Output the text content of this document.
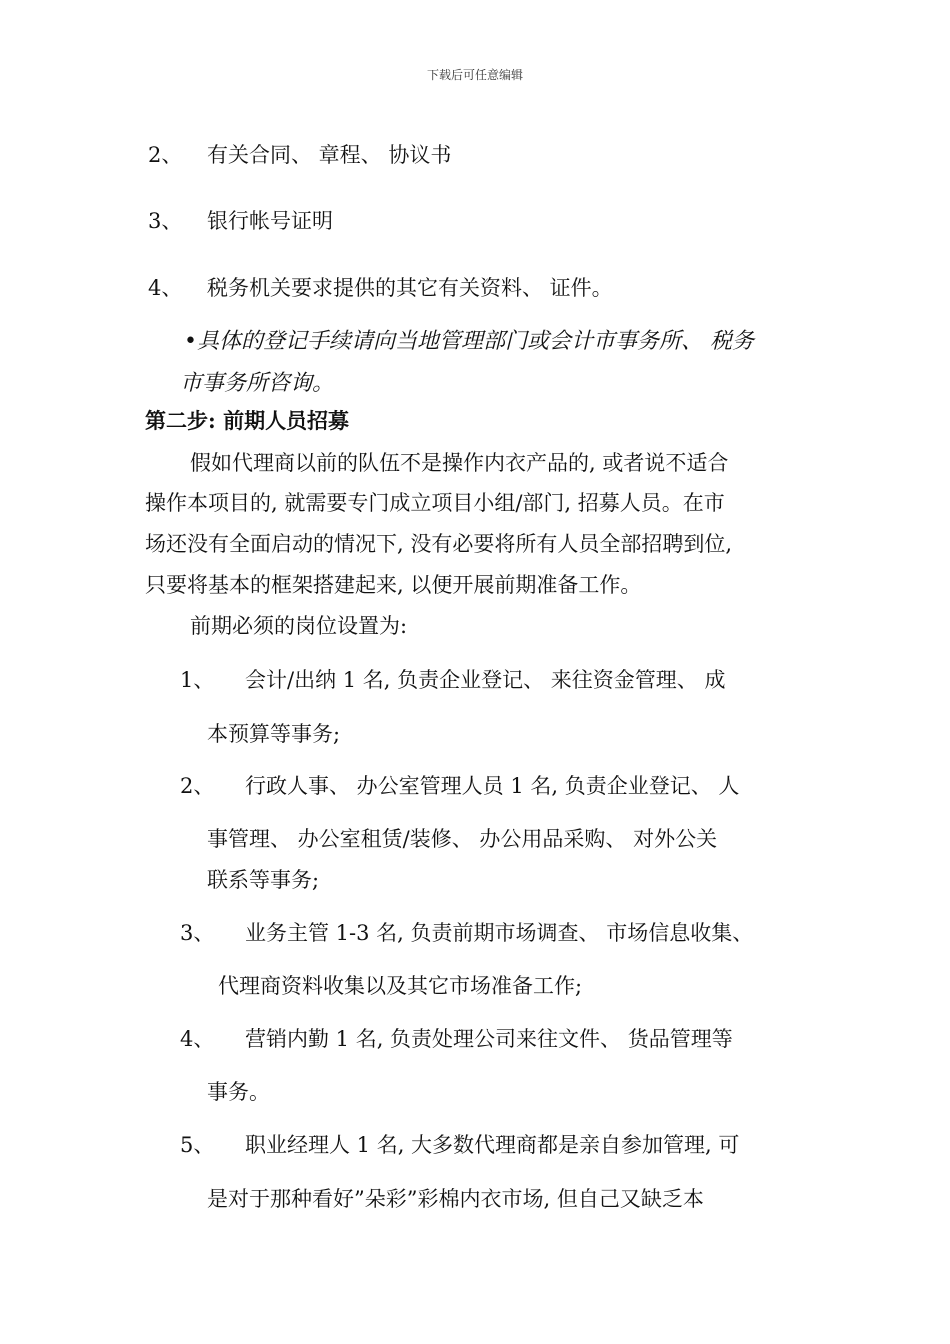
下载后可任意编辑
2、 有关合同、 章程、 协议书
3、 银行帐号证明
4、 税务机关要求提供的其它有关资料、 证件。
•具体的登记手续请向当地管理部门或会计市事务所、 税务
市事务所咨询。
第二步: 前期人员招募
假如代理商以前的队伍不是操作内衣产品的, 或者说不适合
操作本项目的, 就需要专门成立项目小组/部门, 招募人员。在市
场还没有全面启动的情况下, 没有必要将所有人员全部招聘到位,
只要将基本的框架搭建起来, 以便开展前期准备工作。
前期必须的岗位设置为:
1、 会计/出纳 1 名, 负责企业登记、 来往资金管理、 成
本预算等事务;
2、 行政人事、 办公室管理人员 1 名, 负责企业登记、 人
事管理、 办公室租赁/装修、 办公用品采购、 对外公关
联系等事务;
3、 业务主管 1-3 名, 负责前期市场调查、 市场信息收集、
代理商资料收集以及其它市场准备工作;
4、 营销内勤 1 名, 负责处理公司来往文件、 货品管理等
事务。
5、 职业经理人 1 名, 大多数代理商都是亲自参加管理, 可
是对于那种看好”朵彩”彩棉内衣市场, 但自己又缺乏本
